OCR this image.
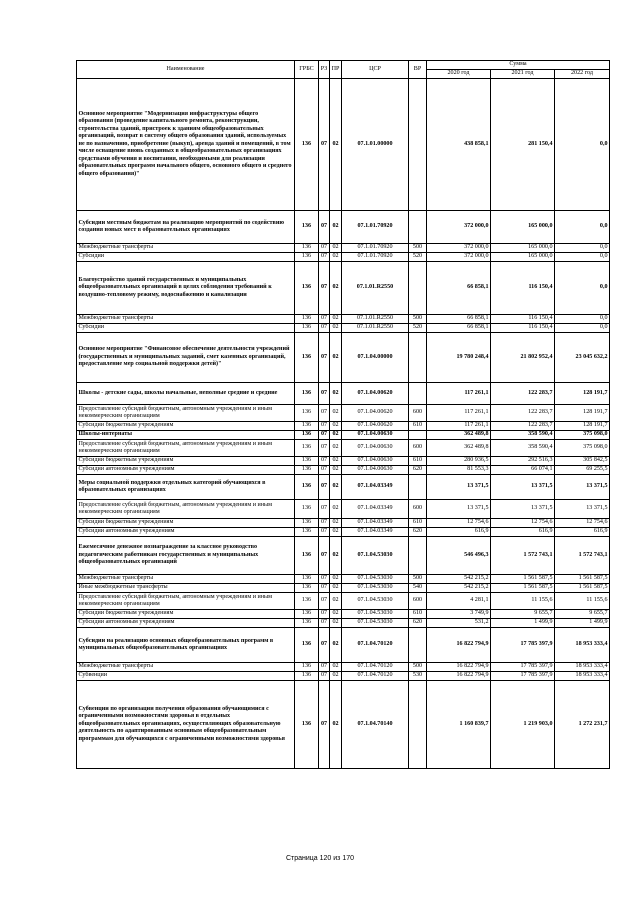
Наименование	ГРБС	РЗ	ПР	ЦСР	ВР	Сумма		
						2020 год	2021 год	2022 год
Основное мероприятие "Модернизация инфраструктуры общего образования (проведение капитального ремонта, реконструкции, строительства зданий, пристроек к зданиям общеобразовательных организаций, возврат в систему общего образования зданий, используемых не по назначению, приобретение (выкуп), аренда зданий и помещений, в том числе оснащение вновь созданных в общеобразовательных организациях средствами обучения и воспитания, необходимыми для реализации образовательных программ начального общего, основного общего и среднего общего образования)"	136	07	02	07.1.01.00000		438 858,1	281 150,4	0,0
Субсидии местным бюджетам на реализацию мероприятий по содействию создания новых мест в образовательных организациях	136	07	02	07.1.01.70920		372 000,0	165 000,0	0,0
Межбюджетные трансферты	136	07	02	07.1.01.70920	500	372 000,0	165 000,0	0,0
Субсидии	136	07	02	07.1.01.70920	520	372 000,0	165 000,0	0,0
Благоустройство зданий государственных и муниципальных общеобразовательных организаций в целях соблюдения требований к воздушно-тепловому режиму, водоснабжению и канализации	136	07	02	07.1.01.R2550		66 858,1	116 150,4	0,0
Межбюджетные трансферты	136	07	02	07.1.01.R2550	500	66 858,1	116 150,4	0,0
Субсидии	136	07	02	07.1.01.R2550	520	66 858,1	116 150,4	0,0
Основное мероприятие "Финансовое обеспечение деятельности учреждений (государственных и муниципальных заданий, смет казенных организаций, предоставление мер социальной поддержки детей)"	136	07	02	07.1.04.00000		19 780 248,4	21 802 952,4	23 045 632,2
Школы - детские сады, школы начальные, неполные средние и средние	136	07	02	07.1.04.00620		117 261,1	122 283,7	128 191,7
Предоставление субсидий бюджетным, автономным учреждениям и иным некоммерческим организациям	136	07	02	07.1.04.00620	600	117 261,1	122 283,7	128 191,7
Субсидии бюджетным учреждениям	136	07	02	07.1.04.00620	610	117 261,1	122 283,7	128 191,7
Школы-интернаты	136	07	02	07.1.04.00630		362 489,8	358 590,4	375 098,0
Предоставление субсидий бюджетным, автономным учреждениям и иным некоммерческим организациям	136	07	02	07.1.04.00630	600	362 489,8	358 590,4	375 098,0
Субсидии бюджетным учреждениям	136	07	02	07.1.04.00630	610	280 936,5	292 516,3	305 842,5
Субсидии автономным учреждениям	136	07	02	07.1.04.00630	620	81 553,3	66 074,1	69 255,5
Меры социальной поддержки отдельных категорий обучающихся в образовательных организациях	136	07	02	07.1.04.03349		13 371,5	13 371,5	13 371,5
Предоставление субсидий бюджетным, автономным учреждениям и иным некоммерческим организациям	136	07	02	07.1.04.03349	600	13 371,5	13 371,5	13 371,5
Субсидии бюджетным учреждениям	136	07	02	07.1.04.03349	610	12 754,6	12 754,6	12 754,6
Субсидии автономным учреждениям	136	07	02	07.1.04.03349	620	616,9	616,9	616,9
Ежемесячное денежное вознаграждение за классное руководство педагогическим работникам государственных и муниципальных общеобразовательных организаций	136	07	02	07.1.04.53030		546 496,3	1 572 743,1	1 572 743,1
Межбюджетные трансферты	136	07	02	07.1.04.53030	500	542 215,2	1 561 587,5	1 561 587,5
Иные межбюджетные трансферты	136	07	02	07.1.04.53030	540	542 215,2	1 561 587,5	1 561 587,5
Предоставление субсидий бюджетным, автономным учреждениям и иным некоммерческим организациям	136	07	02	07.1.04.53030	600	4 281,1	11 155,6	11 155,6
Субсидии бюджетным учреждениям	136	07	02	07.1.04.53030	610	3 749,9	9 655,7	9 655,7
Субсидии автономным учреждениям	136	07	02	07.1.04.53030	620	531,2	1 499,9	1 499,9
Субсидии на реализацию основных общеобразовательных программ в муниципальных общеобразовательных организациях	136	07	02	07.1.04.70120		16 822 794,9	17 785 397,9	18 953 333,4
Межбюджетные трансферты	136	07	02	07.1.04.70120	500	16 822 794,9	17 785 397,9	18 953 333,4
Субвенции	136	07	02	07.1.04.70120	530	16 822 794,9	17 785 397,9	18 953 333,4
Субвенции по организации получения образования обучающимися с ограниченными возможностями здоровья в отдельных общеобразовательных организациях, осуществляющих образовательную деятельность по адаптированным основным общеобразовательным программам для обучающихся с ограниченными возможностями здоровья	136	07	02	07.1.04.70140		1 160 839,7	1 219 903,0	1 272 231,7
Страница 120 из 170
